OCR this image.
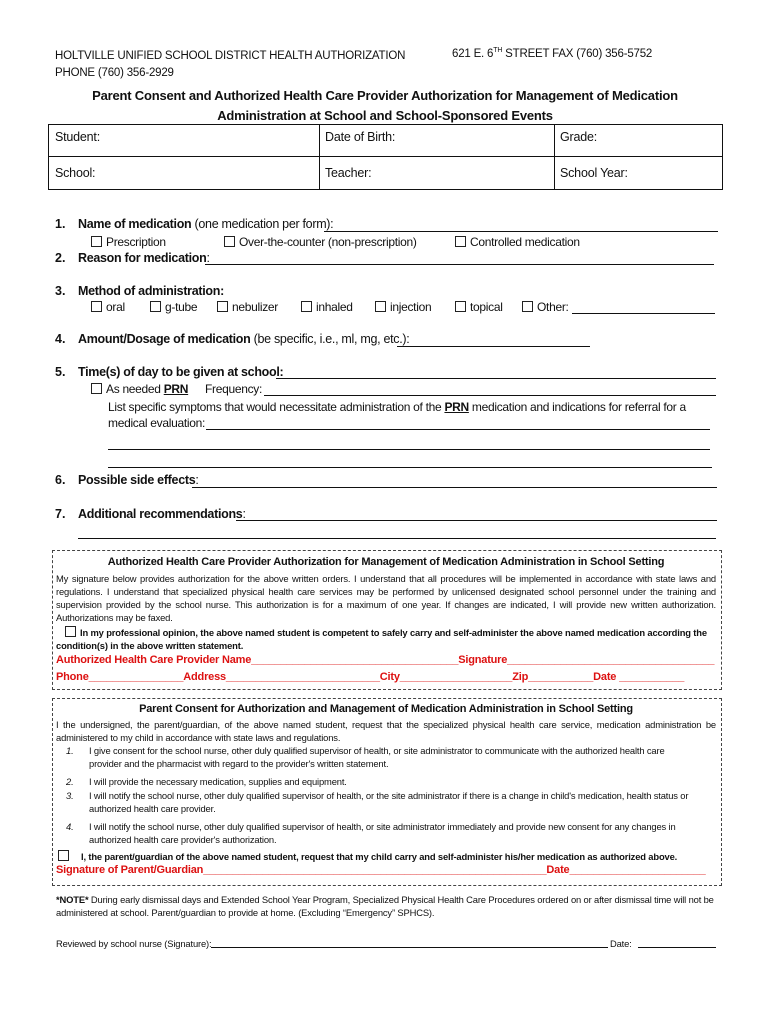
HOLTVILLE UNIFIED SCHOOL DISTRICT HEALTH AUTHORIZATION	621 E. 6TH STREET FAX (760) 356-5752
PHONE (760) 356-2929
Parent Consent and Authorized Health Care Provider Authorization for Management of Medication
Administration at School and School-Sponsored Events
Student:	Date of Birth:	Grade:
School:	Teacher:	School Year:
1. Name of medication (one medication per form):
Prescription	Over-the-counter (non-prescription)	Controlled medication
2. Reason for medication:
3. Method of administration:
oral	g-tube	nebulizer	inhaled	injection	topical	Other:
4. Amount/Dosage of medication (be specific, i.e., ml, mg, etc.):
5. Time(s) of day to be given at school:
As needed PRN Frequency:
List specific symptoms that would necessitate administration of the PRN medication and indications for referral for a
medical evaluation:
6. Possible side effects:
7. Additional recommendations:
Authorized Health Care Provider Authorization for Management of Medication Administration in School Setting
My signature below provides authorization for the above written orders. I understand that all procedures will be implemented in accordance with state laws and regulations. I understand that specialized physical health care services may be performed by unlicensed designated school personnel under the training and supervision provided by the school nurse. This authorization is for a maximum of one year. If changes are indicated, I will provide new written authorization. Authorizations may be faxed.
In my professional opinion, the above named student is competent to safely carry and self-administer the above named medication according the condition(s) in the above written statement.
Authorized Health Care Provider Name___________________________________Signature___________________________________
Phone________________Address__________________________City___________________Zip___________Date ___________
Parent Consent for Authorization and Management of Medication Administration in School Setting
I the undersigned, the parent/guardian, of the above named student, request that the specialized physical health care service, medication administration be administered to my child in accordance with state laws and regulations.
1. I give consent for the school nurse, other duly qualified supervisor of health, or site administrator to communicate with the authorized health care provider and the pharmacist with regard to the provider's written statement.
2. I will provide the necessary medication, supplies and equipment.
3. I will notify the school nurse, other duly qualified supervisor of health, or the site administrator if there is a change in child's medication, health status or authorized health care provider.
4. I will notify the school nurse, other duly qualified supervisor of health, or site administrator immediately and provide new consent for any changes in authorized health care provider's authorization.
I, the parent/guardian of the above named student, request that my child carry and self-administer his/her medication as authorized above.
Signature of Parent/Guardian__________________________________________________________Date_______________________
*NOTE* During early dismissal days and Extended School Year Program, Specialized Physical Health Care Procedures ordered on or after dismissal time will not be administered at school. Parent/guardian to provide at home. (Excluding “Emergency” SPHCS).
Reviewed by school nurse (Signature):	Date:
